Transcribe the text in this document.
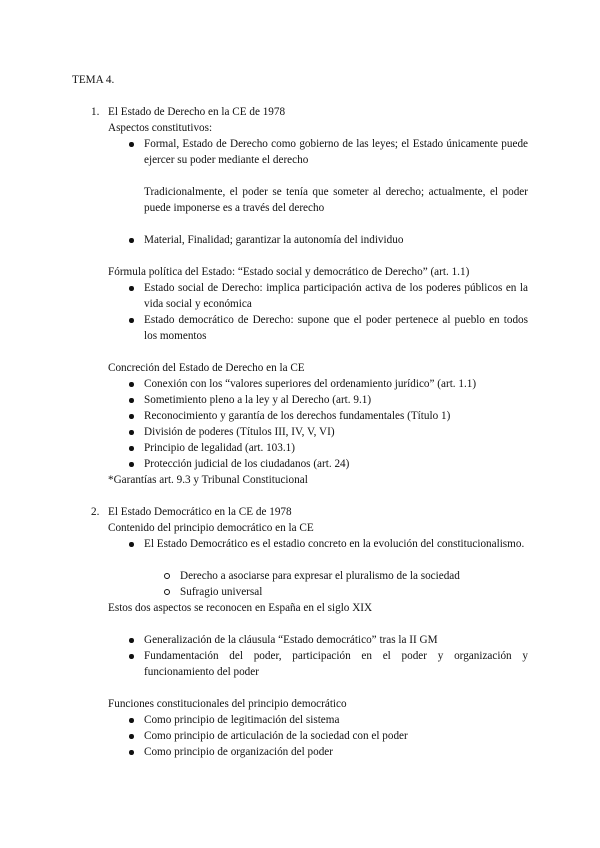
TEMA 4.
1. El Estado de Derecho en la CE de 1978
Aspectos constitutivos:
Formal, Estado de Derecho como gobierno de las leyes; el Estado únicamente puede ejercer su poder mediante el derecho
Tradicionalmente, el poder se tenía que someter al derecho; actualmente, el poder puede imponerse es a través del derecho
Material, Finalidad; garantizar la autonomía del individuo
Fórmula política del Estado: “Estado social y democrático de Derecho” (art. 1.1)
Estado social de Derecho: implica participación activa de los poderes públicos en la vida social y económica
Estado democrático de Derecho: supone que el poder pertenece al pueblo en todos los momentos
Concreción del Estado de Derecho en la CE
Conexión con los “valores superiores del ordenamiento jurídico” (art. 1.1)
Sometimiento pleno a la ley y al Derecho (art. 9.1)
Reconocimiento y garantía de los derechos fundamentales (Título 1)
División de poderes (Títulos III, IV, V, VI)
Principio de legalidad (art. 103.1)
Protección judicial de los ciudadanos (art. 24)
*Garantías art. 9.3 y Tribunal Constitucional
2. El Estado Democrático en la CE de 1978
Contenido del principio democrático en la CE
El Estado Democrático es el estadio concreto en la evolución del constitucionalismo.
Derecho a asociarse para expresar el pluralismo de la sociedad
Sufragio universal
Estos dos aspectos se reconocen en España en el siglo XIX
Generalización de la cláusula “Estado democrático” tras la II GM
Fundamentación del poder, participación en el poder y organización y funcionamiento del poder
Funciones constitucionales del principio democrático
Como principio de legitimación del sistema
Como principio de articulación de la sociedad con el poder
Como principio de organización del poder
